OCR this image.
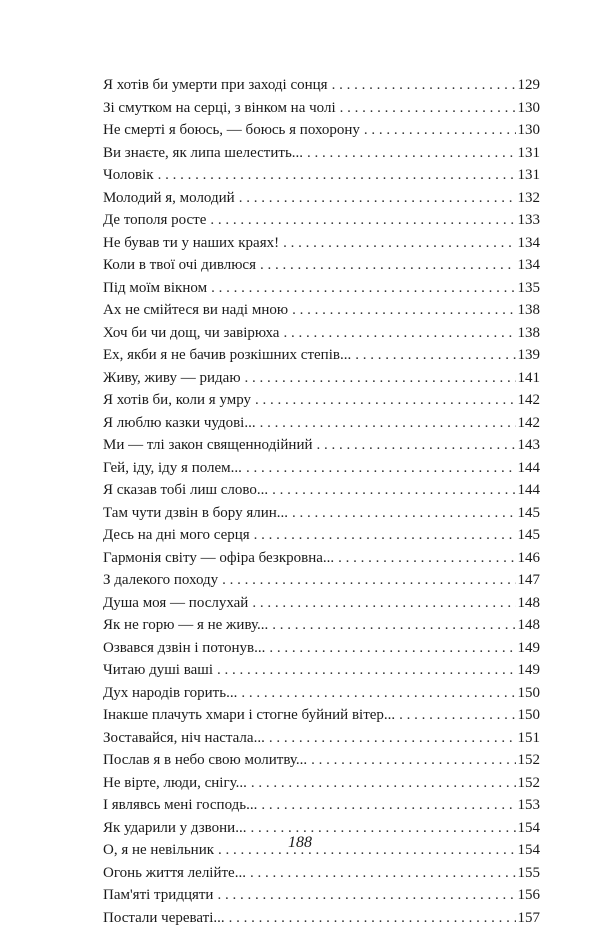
Я хотів би умерти при заході сонця . . .	129
Зі смутком на серці, з вінком на чолі . . .	130
Не смерті я боюсь, — боюсь я похорону . . .	130
Ви знаєте, як липа шелестить... . . .	131
Чоловік . . .	131
Молодий я, молодий . . .	132
Де тополя росте . . .	133
Не бував ти у наших краях! . . .	134
Коли в твої очі дивлюся . . .	134
Під моїм вікном . . .	135
Ах не смійтеся ви наді мною . . .	138
Хоч би чи дощ, чи завірюха . . .	138
Ех, якби я не бачив розкішних степів... . . .	139
Живу, живу — ридаю . . .	141
Я хотів би, коли я умру . . .	142
Я люблю казки чудові... . . .	142
Ми — тлі закон священнодійний . . .	143
Гей, іду, іду я полем... . . .	144
Я сказав тобі лиш слово... . . .	144
Там чути дзвін в бору ялин... . . .	145
Десь на дні мого серця . . .	145
Гармонія світу — офіра безкровна... . . .	146
З далекого походу . . .	147
Душа моя — послухай . . .	148
Як не горю — я не живу... . . .	148
Озвався дзвін і потонув... . . .	149
Читаю душі ваші . . .	149
Дух народів горить... . . .	150
Інакше плачуть хмари і стогне буйний вітер... . . .	150
Зоставайся, ніч настала... . . .	151
Послав я в небо свою молитву... . . .	152
Не вірте, люди, снігу... . . .	152
І являвсь мені господь... . . .	153
Як ударили у дзвони... . . .	154
О, я не невільник . . .	154
Огонь життя лелійте... . . .	155
Пам'яті тридцяти . . .	156
Постали череваті... . . .	157
188
